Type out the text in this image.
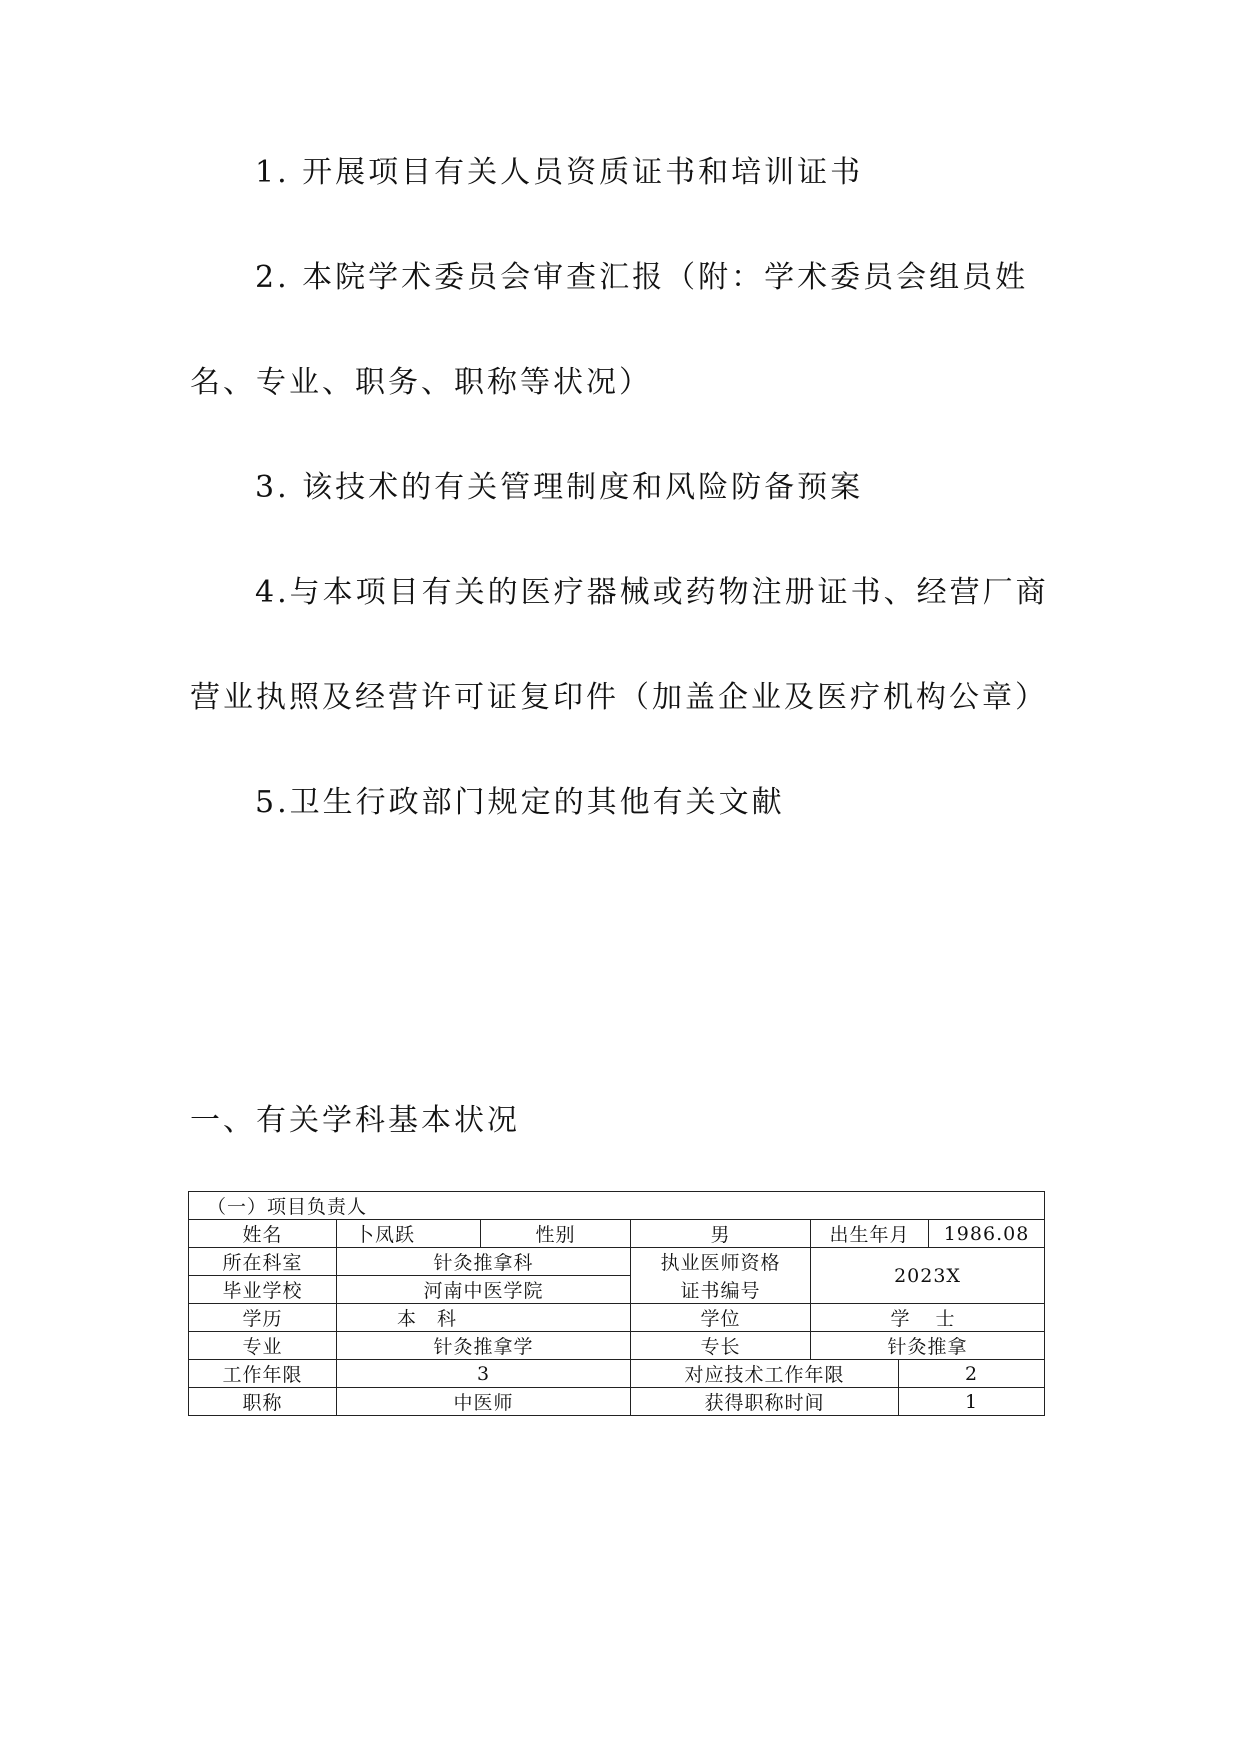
1. 开展项目有关人员资质证书和培训证书
2. 本院学术委员会审查汇报（附：学术委员会组员姓
名、专业、职务、职称等状况）
3. 该技术的有关管理制度和风险防备预案
4.与本项目有关的医疗器械或药物注册证书、经营厂商
营业执照及经营许可证复印件（加盖企业及医疗机构公章）
5.卫生行政部门规定的其他有关文献
一、有关学科基本状况
（一）项目负责人						
姓名	卜凤跃	性别	男	出生年月		1986.08
所在科室	针灸推拿科		执业医师资格	2023X		
毕业学校	河南中医学院		证书编号			
学历	本　科		学位	学 士		
专业	针灸推拿学		专长	针灸推拿		
工作年限	3		对应技术工作年限		2	
职称	中医师		获得职称时间		1	
